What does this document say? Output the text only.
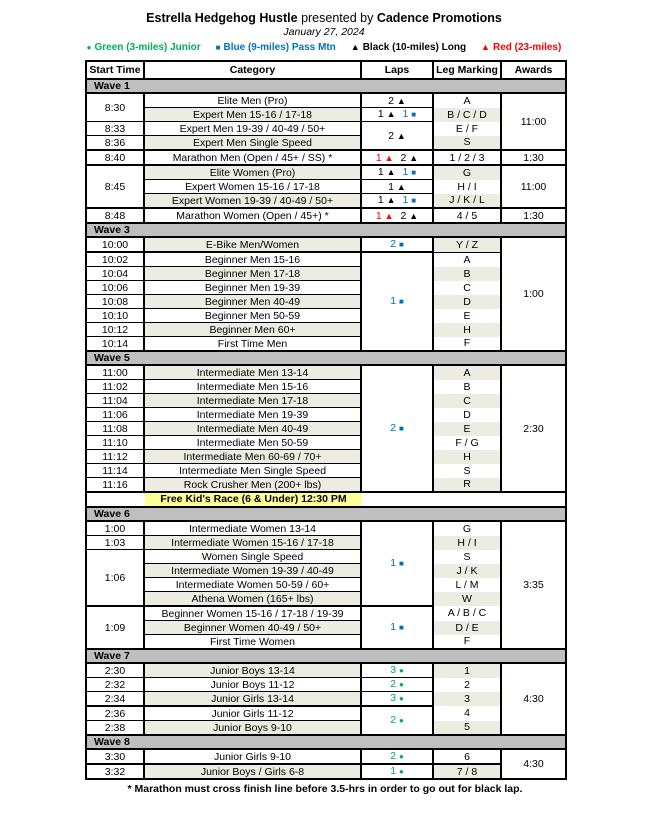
Estrella Hedgehog Hustle presented by Cadence Promotions
January 27, 2024
● Green (3-miles) Junior ■ Blue (9-miles) Pass Mtn ▲ Black (10-miles) Long ▲ Red (23-miles)
Start Time	Category	Laps	Leg Marking	Awards
Wave 1				
8:30	Elite Men (Pro)	2 ▲	A	11:00
	Expert Men 15-16 / 17-18	1 ▲ 1 ■	B / C / D	
8:33	Expert Men 19-39 / 40-49 / 50+	2 ▲	E / F	
8:36	Expert Men Single Speed		S	
8:40	Marathon Men (Open / 45+ / SS) *	1 ▲ 2 ▲	1 / 2 / 3	1:30
8:45	Elite Women (Pro)	1 ▲ 1 ■	G	11:00
	Expert Women 15-16 / 17-18	1 ▲	H / I	
	Expert Women 19-39 / 40-49 / 50+	1 ▲ 1 ■	J / K / L	
8:48	Marathon Women (Open / 45+) *	1 ▲ 2 ▲	4 / 5	1:30
Wave 3				
10:00	E-Bike Men/Women	2 ■	Y / Z	1:00
10:02	Beginner Men 15-16	1 ■	A	
10:04	Beginner Men 17-18		B	
10:06	Beginner Men 19-39		C	
10:08	Beginner Men 40-49		D	
10:10	Beginner Men 50-59		E	
10:12	Beginner Men 60+		H	
10:14	First Time Men		F	
Wave 5				
11:00	Intermediate Men 13-14	2 ■	A	2:30
11:02	Intermediate Men 15-16		B	
11:04	Intermediate Men 17-18		C	
11:06	Intermediate Men 19-39		D	
11:08	Intermediate Men 40-49		E	
11:10	Intermediate Men 50-59		F / G	
11:12	Intermediate Men 60-69 / 70+		H	
11:14	Intermediate Men Single Speed		S	
11:16	Rock Crusher Men (200+ lbs)		R	

Free Kid's Race (6 & Under) 12:30 PM				

Wave 6				
1:00	Intermediate Women 13-14	1 ■	G	3:35
1:03	Intermediate Women 15-16 / 17-18		H / I	
1:06	Women Single Speed		S	
	Intermediate Women 19-39 / 40-49		J / K	
	Intermediate Women 50-59 / 60+		L / M	
	Athena Women (165+ lbs)		W	
1:09	Beginner Women 15-16 / 17-18 / 19-39	1 ■	A / B / C	
	Beginner Women 40-49 / 50+		D / E	
	First Time Women		F	
Wave 7				
2:30	Junior Boys 13-14	3 ●	1	4:30
2:32	Junior Boys 11-12	2 ●	2	
2:34	Junior Girls 13-14	3 ●	3	
2:36	Junior Girls 11-12	2 ●	4	
2:38	Junior Boys 9-10		5	
Wave 8				
3:30	Junior Girls 9-10	2 ●	6	4:30
3:32	Junior Boys / Girls 6-8	1 ●	7 / 8	
* Marathon must cross finish line before 3.5-hrs in order to go out for black lap.
